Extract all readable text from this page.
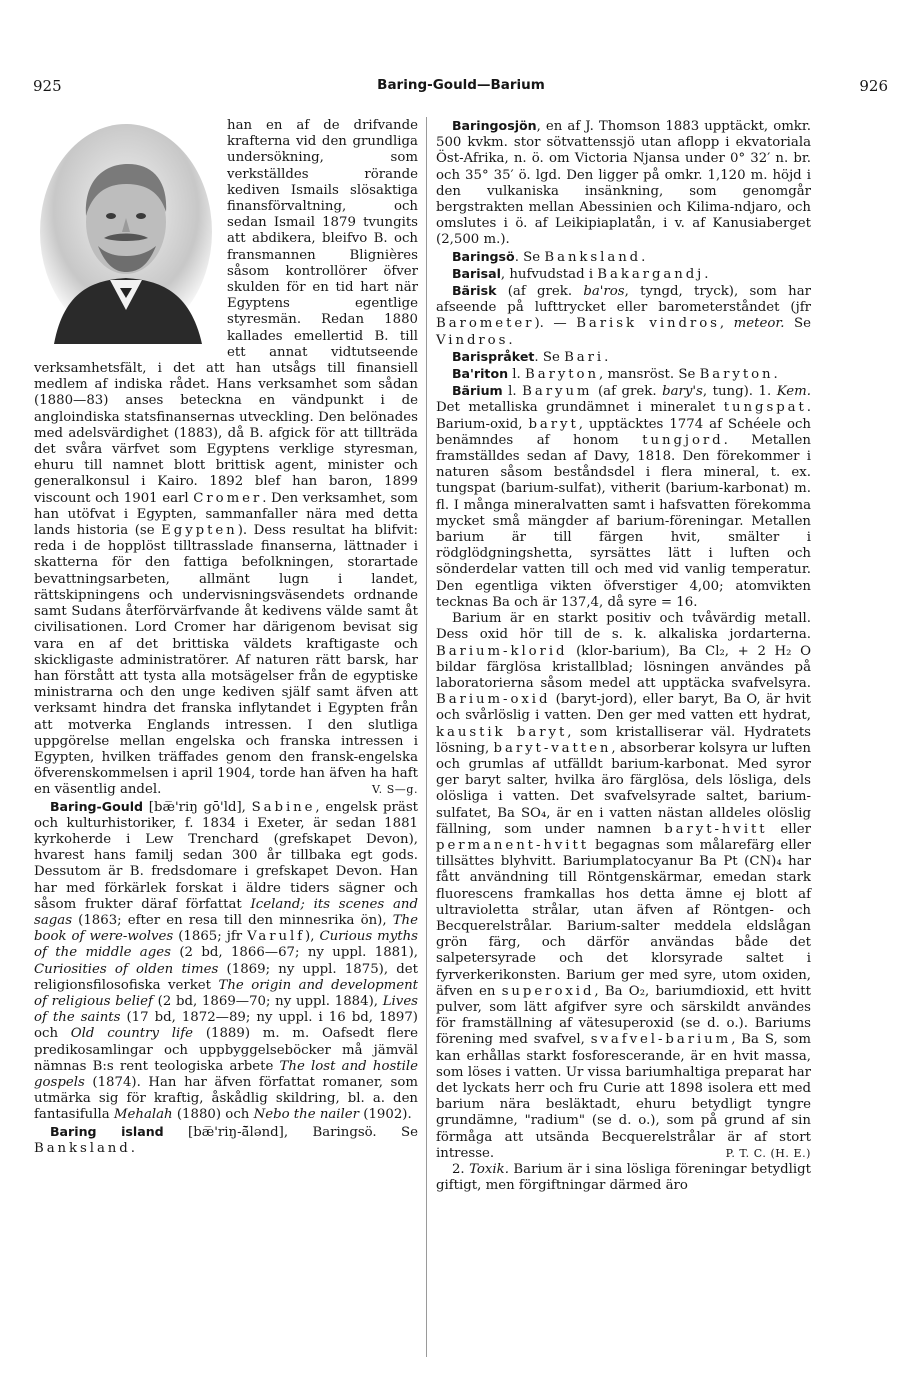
925	Baring-Gould—Barium	926

han en af de drifvande krafterna vid den grundliga undersökning, som verkställdes rörande kediven Ismails slösaktiga finansförvaltning, och sedan Ismail 1879 tvungits att abdikera, bleifvo B. och fransmannen Blignières såsom kontrollörer öfver skulden för en tid hart när Egyptens egentlige styresmän. Redan 1880 kallades emellertid B. till ett annat vidtutseende verksamhetsfält, i det att han utsågs till finansiell medlem af indiska rådet. Hans verksamhet som sådan (1880—83) anses beteckna en vändpunkt i de angloindiska statsfinansernas utveckling. Den belönades med adelsvärdighet (1883), då B. afgick för att tillträda det svåra värfvet som Egyptens verklige styresman, ehuru till namnet blott brittisk agent, minister och generalkonsul i Kairo. 1892 blef han baron, 1899 viscount och 1901 earl Cromer. Den verksamhet, som han utöfvat i Egypten, sammanfaller nära med detta lands historia (se Egypten). Dess resultat ha blifvit: reda i de hopplöst tilltrasslade finanserna, lättnader i skatterna för den fattiga befolkningen, storartade bevattningsarbeten, allmänt lugn i landet, rättskipningens och undervisningsväsendets ordnande samt Sudans återförvärfvande åt kedivens välde samt åt civilisationen. Lord Cromer har därigenom bevisat sig vara en af det brittiska väldets kraftigaste och skickligaste administratörer. Af naturen rätt barsk, har han förstått att tysta alla motsägelser från de egyptiske ministrarna och den unge kediven själf samt äfven att verksamt hindra det franska inflytandet i Egypten från att motverka Englands intressen. I den slutliga uppgörelse mellan engelska och franska intressen i Egypten, hvilken träffades genom den fransk-engelska öfverenskommelsen i april 1904, torde han äfven ha haft en väsentlig andel.	V. S—g.

Baring-Gould [bæ̅'riŋ gō'ld], Sabine, engelsk präst och kulturhistoriker, f. 1834 i Exeter, är sedan 1881 kyrkoherde i Lew Trenchard (grefskapet Devon), hvarest hans familj sedan 300 år tillbaka egt gods. Dessutom är B. fredsdomare i grefskapet Devon. Han har med förkärlek forskat i äldre tiders sägner och såsom frukter däraf författat Iceland; its scenes and sagas (1863; efter en resa till den minnesrika ön), The book of were-wolves (1865; jfr Varulf), Curious myths of the middle ages (2 bd, 1866—67; ny uppl. 1881), Curiosities of olden times (1869; ny uppl. 1875), det religionsfilosofiska verket The origin and development of religious belief (2 bd, 1869—70; ny uppl. 1884), Lives of the saints (17 bd, 1872—89; ny uppl. i 16 bd, 1897) och Old country life (1889) m. m. Oafsedt flere predikosamlingar och uppbyggelseböcker må jämväl nämnas B:s rent teologiska arbete The lost and hostile gospels (1874). Han har äfven författat romaner, som utmärka sig för kraftig, åskådlig skildring, bl. a. den fantasifulla Mehalah (1880) och Nebo the nailer (1902).

Baring island [bæ̅'riŋ-ā̆lənd], Baringsö. Se Banksland.

Baringosjön, en af J. Thomson 1883 upptäckt, omkr. 500 kvkm. stor sötvattenssjö utan aflopp i ekvatoriala Öst-Afrika, n. ö. om Victoria Njansa under 0° 32′ n. br. och 35° 35′ ö. lgd. Den ligger på omkr. 1,120 m. höjd i den vulkaniska insänkning, som genomgår bergstrakten mellan Abessinien och Kilima-ndjaro, och omslutes i ö. af Leikipiaplatån, i v. af Kanusiaberget (2,500 m.).

Baringsö. Se Banksland.

Barisal, hufvudstad i Bakargandj.

Bärisk (af grek. ba'ros, tyngd, tryck), som har afseende på lufttrycket eller barometerståndet (jfr Barometer). — Barisk vindros, meteor. Se Vindros.

Barispråket. Se Bari.

Ba'riton l. Baryton, mansröst. Se Baryton.

Bärium l. Baryum (af grek. bary's, tung). 1. Kem. Det metalliska grundämnet i mineralet tungspat. Barium-oxid, baryt, upptäcktes 1774 af Schéele och benämndes af honom tungjord. Metallen framställdes sedan af Davy, 1818. Den förekommer i naturen såsom beståndsdel i flera mineral, t. ex. tungspat (barium-sulfat), vitherit (barium-karbonat) m. fl. I många mineralvatten samt i hafsvatten förekomma mycket små mängder af barium-föreningar. Metallen barium är till färgen hvit, smälter i rödglödgningshetta, syrsättes lätt i luften och sönderdelar vatten till och med vid vanlig temperatur. Den egentliga vikten öfverstiger 4,00; atomvikten tecknas Ba och är 137,4, då syre = 16.

Barium är en starkt positiv och tvåvärdig metall. Dess oxid hör till de s. k. alkaliska jordarterna. Barium-klorid (klor-barium), Ba Cl₂, + 2 H₂ O bildar färglösa kristallblad; lösningen användes på laboratorierna såsom medel att upptäcka svafvelsyra. Barium-oxid (baryt-jord), eller baryt, Ba O, är hvit och svårlöslig i vatten. Den ger med vatten ett hydrat, kaustik baryt, som kristalliserar väl. Hydratets lösning, baryt-vatten, absorberar kolsyra ur luften och grumlas af utfälldt barium-karbonat. Med syror ger baryt salter, hvilka äro färglösa, dels lösliga, dels olösliga i vatten. Det svafvelsyrade saltet, barium-sulfatet, Ba SO₄, är en i vatten nästan alldeles olöslig fällning, som under namnen baryt-hvitt eller permanent-hvitt begagnas som målarefärg eller tillsättes blyhvitt. Bariumplatocyanur Ba Pt (CN)₄ har fått användning till Röntgenskärmar, emedan stark fluorescens framkallas hos detta ämne ej blott af ultravioletta strålar, utan äfven af Röntgen- och Becquerelstrålar. Barium-salter meddela eldslågan grön färg, och därför användas både det salpetersyrade och det klorsyrade saltet i fyrverkerikonsten. Barium ger med syre, utom oxiden, äfven en superoxid, Ba O₂, bariumdioxid, ett hvitt pulver, som lätt afgifver syre och särskildt användes för framställning af vätesuperoxid (se d. o.). Bariums förening med svafvel, svafvel-barium, Ba S, som kan erhållas starkt fosforescerande, är en hvit massa, som löses i vatten. Ur vissa bariumhaltiga preparat har det lyckats herr och fru Curie att 1898 isolera ett med barium nära besläktadt, ehuru betydligt tyngre grundämne, "radium" (se d. o.), som på grund af sin förmåga att utsända Becquerelstrålar är af stort intresse.	P. T. C. (H. E.)

2. Toxik. Barium är i sina lösliga föreningar betydligt giftigt, men förgiftningar därmed äro
